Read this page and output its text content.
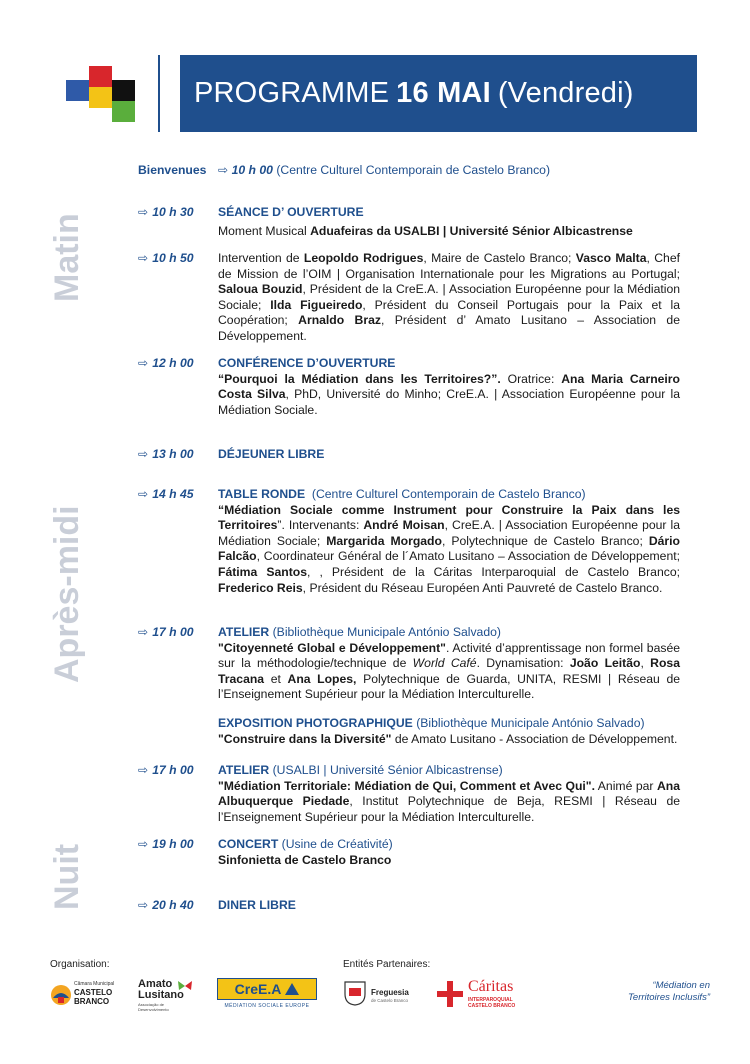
PROGRAMME 16 MAI (Vendredi)
Matin
Après-midi
Nuit
Bienvenues ⇨ 10 h 00 (Centre Culturel Contemporain de Castelo Branco)
⇨ 10 h 30 SÉANCE D’ OUVERTURE
Moment Musical Aduafeiras da USALBI | Université Sénior Albicastrense
⇨ 10 h 50 Intervention de Leopoldo Rodrigues, Maire de Castelo Branco; Vasco Malta, Chef de Mission de l’OIM | Organisation Internationale pour les Migrations au Portugal; Saloua Bouzid, Président de la CreE.A. | Association Européenne pour la Médiation Sociale; Ilda Figueiredo, Président du Conseil Portugais pour la Paix et la Coopération; Arnaldo Braz, Président d’ Amato Lusitano – Association de Développement.
⇨ 12 h 00 CONFÉRENCE D’OUVERTURE
“Pourquoi la Médiation dans les Territoires?”. Oratrice: Ana Maria Carneiro Costa Silva, PhD, Université do Minho; CreE.A. | Association Européenne pour la Médiation Sociale.
⇨ 13 h 00 DÉJEUNER LIBRE
⇨ 14 h 45 TABLE RONDE (Centre Culturel Contemporain de Castelo Branco)
“Médiation Sociale comme Instrument pour Construire la Paix dans les Territoires”. Intervenants: André Moisan, CreE.A. | Association Européenne pour la Médiation Sociale; Margarida Morgado, Polytechnique de Castelo Branco; Dário Falcão, Coordinateur Général de l´Amato Lusitano – Association de Développement; Fátima Santos, , Président de la Cáritas Interparoquial de Castelo Branco; Frederico Reis, Président du Réseau Européen Anti Pauvreté de Castelo Branco.
⇨ 17 h 00 ATELIER (Bibliothèque Municipale António Salvado)
"Citoyenneté Global e Développement". Activité d’apprentissage non formel basée sur la méthodologie/technique de World Café. Dynamisation: João Leitão, Rosa Tracana et Ana Lopes, Polytechnique de Guarda, UNITA, RESMI | Réseau de l’Enseignement Supérieur pour la Médiation Interculturelle.
EXPOSITION PHOTOGRAPHIQUE (Bibliothèque Municipale António Salvado)
"Construire dans la Diversité" de Amato Lusitano - Association de Développement.
⇨ 17 h 00 ATELIER (USALBI | Université Sénior Albicastrense)
"Médiation Territoriale: Médiation de Qui, Comment et Avec Qui". Animé par Ana Albuquerque Piedade, Institut Polytechnique de Beja, RESMI | Réseau de l’Enseignement Supérieur pour la Médiation Interculturelle.
⇨ 19 h 00 CONCERT (Usine de Créativité)
Sinfonietta de Castelo Branco
⇨ 20 h 40 DINER LIBRE
Organisation:	Entités Partenaires:
Câmara Municipal
CASTELO
BRANCO
Amato
Lusitano
Associação de Desenvolvimento
CreE.A
MÉDIATION SOCIALE EUROPE
Freguesia
de Castelo Branco
Cáritas
INTERPAROQUIAL
CASTELO BRANCO
“Médiation en Territoires Inclusifs”
